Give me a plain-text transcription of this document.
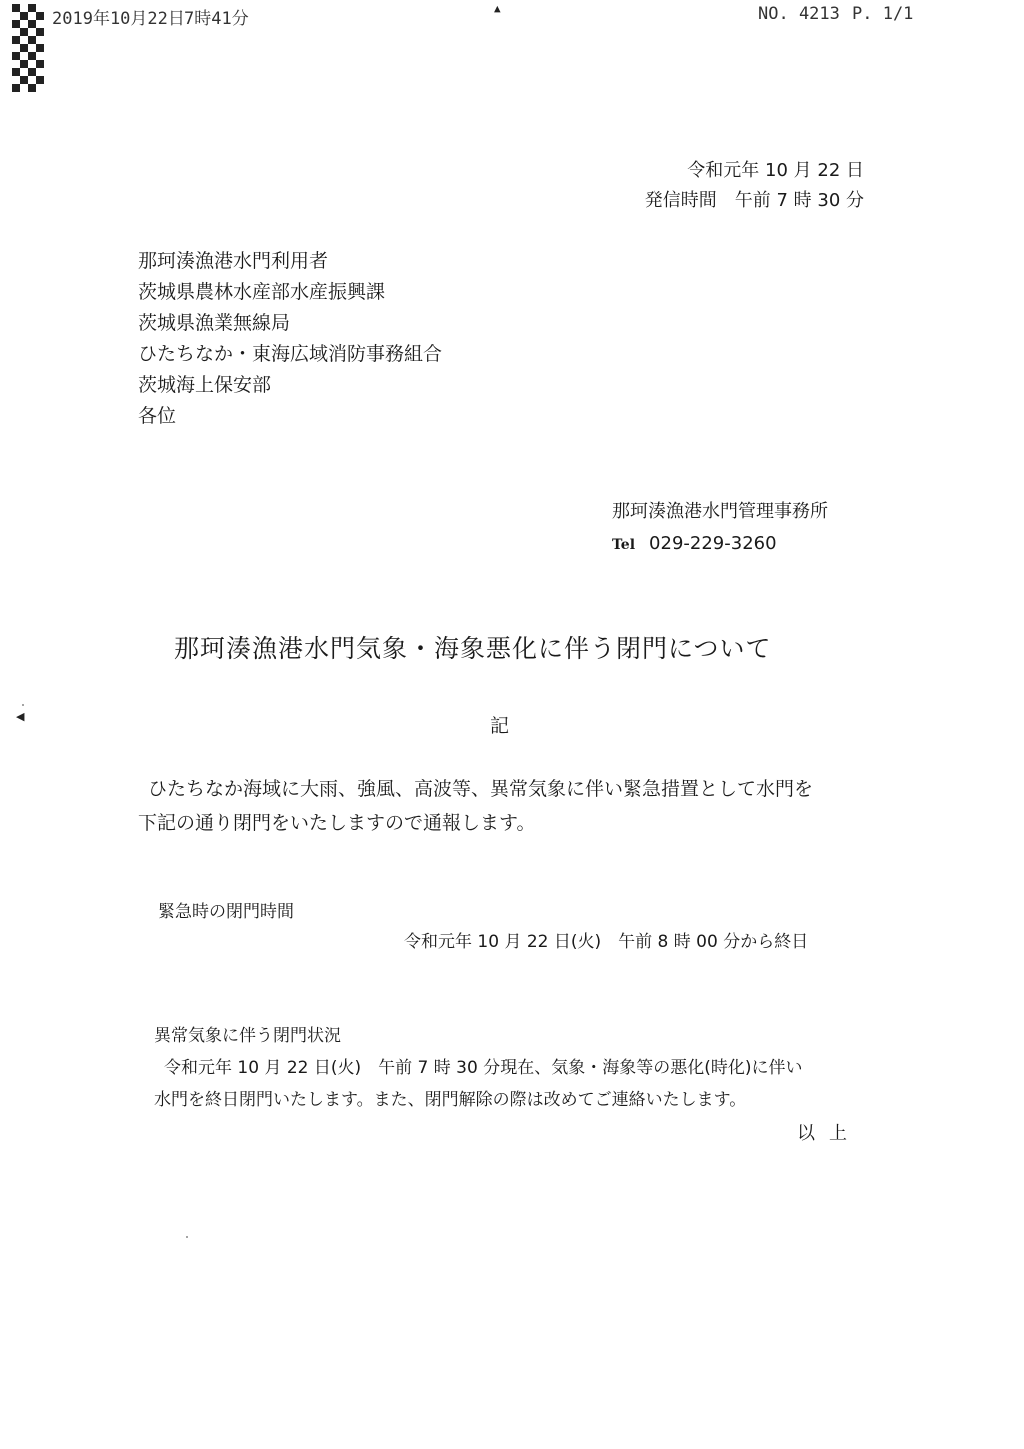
2019年10月22日 7時41分
▲	NO. 4213 P. 1/1
◀
令和元年 10 月 22 日
発信時間　午前 7 時 30 分
那珂湊漁港水門利用者
茨城県農林水産部水産振興課
茨城県漁業無線局
ひたちなか・東海広域消防事務組合
茨城海上保安部
各位
那珂湊漁港水門管理事務所
Tel 029-229-3260
那珂湊漁港水門気象・海象悪化に伴う閉門について
記

ひたちなか海域に大雨、強風、高波等、異常気象に伴い緊急措置として水門を

下記の通り閉門をいたしますので通報します。

緊急時の閉門時間
令和元年 10 月 22 日(火)　午前 8 時 00 分から終日
異常気象に伴う閉門状況

令和元年 10 月 22 日(火)　午前 7 時 30 分現在、気象・海象等の悪化(時化)に伴い

水門を終日閉門いたします。また、閉門解除の際は改めてご連絡いたします。

以上
